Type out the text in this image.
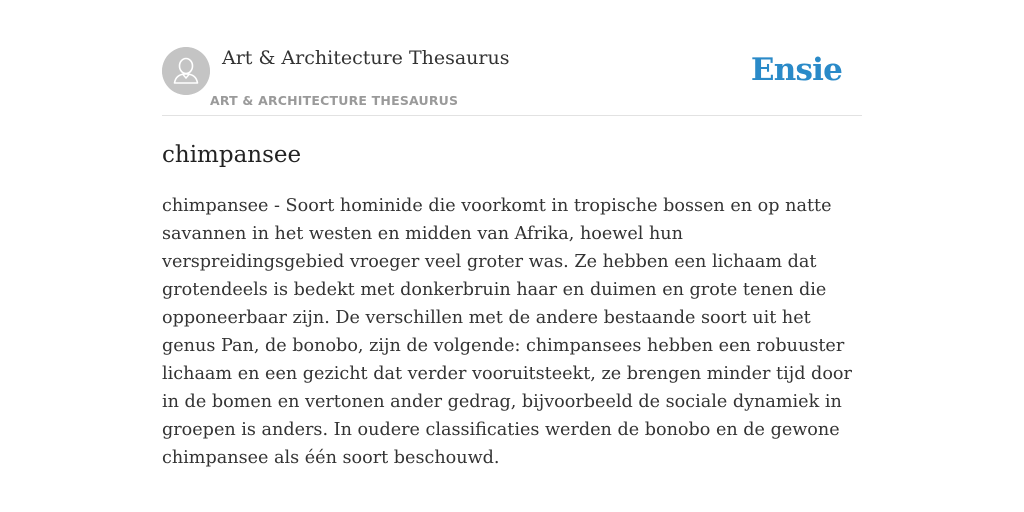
Art & Architecture Thesaurus
ART & ARCHITECTURE THESAURUS
Ensie
chimpansee

chimpansee - Soort hominide die voorkomt in tropische bossen en op natte savannen in het westen en midden van Afrika, hoewel hun verspreidingsgebied vroeger veel groter was. Ze hebben een lichaam dat grotendeels is bedekt met donkerbruin haar en duimen en grote tenen die opponeerbaar zijn. De verschillen met de andere bestaande soort uit het genus Pan, de bonobo, zijn de volgende: chimpansees hebben een robuuster lichaam en een gezicht dat verder vooruitsteekt, ze brengen minder tijd door in de bomen en vertonen ander gedrag, bijvoorbeeld de sociale dynamiek in groepen is anders. In oudere classificaties werden de bonobo en de gewone chimpansee als één soort beschouwd.
